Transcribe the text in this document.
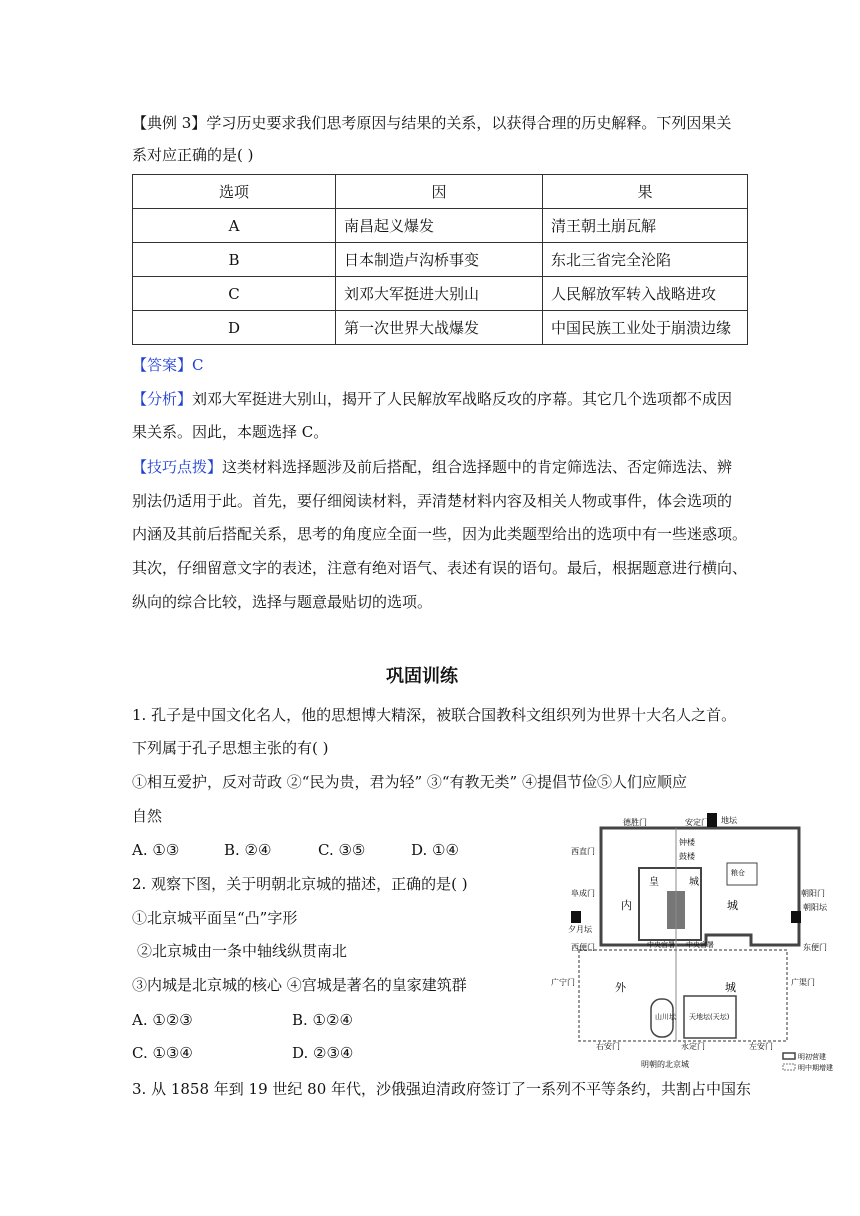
【典例 3】学习历史要求我们思考原因与结果的关系，以获得合理的历史解释。下列因果关
系对应正确的是( )
选项	因	果
A	南昌起义爆发	清王朝土崩瓦解
B	日本制造卢沟桥事变	东北三省完全沦陷
C	刘邓大军挺进大别山	人民解放军转入战略进攻
D	第一次世界大战爆发	中国民族工业处于崩溃边缘
【答案】C
【分析】刘邓大军挺进大别山，揭开了人民解放军战略反攻的序幕。其它几个选项都不成因
果关系。因此，本题选择 C。
【技巧点拨】这类材料选择题涉及前后搭配，组合选择题中的肯定筛选法、否定筛选法、辨
别法仍适用于此。首先，要仔细阅读材料，弄清楚材料内容及相关人物或事件，体会选项的
内涵及其前后搭配关系，思考的角度应全面一些，因为此类题型给出的选项中有一些迷惑项。
其次，仔细留意文字的表述，注意有绝对语气、表述有误的语句。最后，根据题意进行横向、
纵向的综合比较，选择与题意最贴切的选项。
巩固训练
1. 孔子是中国文化名人，他的思想博大精深，被联合国教科文组织列为世界十大名人之首。
下列属于孔子思想主张的有( )
①相互爱护，反对苛政 ②“民为贵，君为轻” ③“有教无类” ④提倡节俭⑤人们应顺应
自然
A. ①③	B. ②④	C. ③⑤	D. ①④
2. 观察下图，关于明朝北京城的描述，正确的是( )
①北京城平面呈“凸”字形
②北京城由一条中轴线纵贯南北
③内城是北京城的核心 ④宫城是著名的皇家建筑群
A. ①②③	B. ①②④
C. ①③④	D. ②③④
3. 从 1858 年到 19 世纪 80 年代，沙俄强迫清政府签订了一系列不平等条约，共割占中国东
德胜门	安定门 地坛
西直门
阜成门	朝阳门
夕月坛
朝阳坛
西便门	东便门
广宁门	广渠门
右安门	永定门	左安门
钟楼
鼓楼
皇	城
内	城
粮仓
中央官署 中央官署
外	城
山川坛 天地坛(天坛)
明朝的北京城
明初营建
明中期增建
